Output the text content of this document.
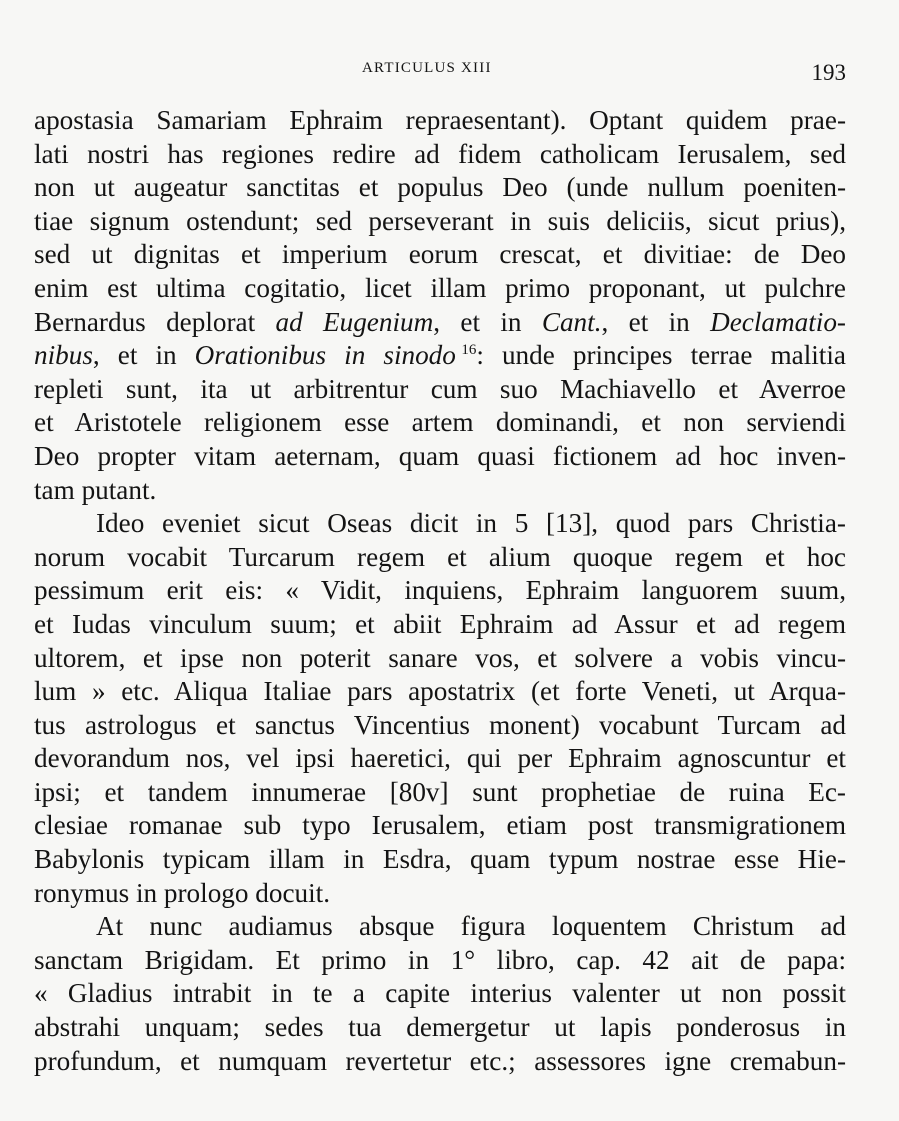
ARTICULUS XIII	193
apostasia Samariam Ephraim repraesentant). Optant quidem prae-
lati nostri has regiones redire ad fidem catholicam Ierusalem, sed
non ut augeatur sanctitas et populus Deo (unde nullum poeniten-
tiae signum ostendunt; sed perseverant in suis deliciis, sicut prius),
sed ut dignitas et imperium eorum crescat, et divitiae: de Deo
enim est ultima cogitatio, licet illam primo proponant, ut pulchre
Bernardus deplorat ad Eugenium, et in Cant., et in Declamatio-
nibus, et in Orationibus in sinodo  $^{16}$: unde principes terrae malitia
repleti sunt, ita ut arbitrentur cum suo Machiavello et Averroe
et Aristotele religionem esse artem dominandi, et non serviendi
Deo propter vitam aeternam, quam quasi fictionem ad hoc inven-
tam putant.
Ideo eveniet sicut Oseas dicit in 5 [13], quod pars Christia-
norum vocabit Turcarum regem et alium quoque regem et hoc
pessimum erit eis: « Vidit, inquiens, Ephraim languorem suum,
et Iudas vinculum suum; et abiit Ephraim ad Assur et ad regem
ultorem, et ipse non poterit sanare vos, et solvere a vobis vincu-
lum » etc. Aliqua Italiae pars apostatrix (et forte Veneti, ut Arqua-
tus astrologus et sanctus Vincentius monent) vocabunt Turcam ad
devorandum nos, vel ipsi haeretici, qui per Ephraim agnoscuntur et
ipsi; et tandem innumerae [80v] sunt prophetiae de ruina Ec-
clesiae romanae sub typo Ierusalem, etiam post transmigrationem
Babylonis typicam illam in Esdra, quam typum nostrae esse Hie-
ronymus in prologo docuit.
At nunc audiamus absque figura loquentem Christum ad
sanctam Brigidam. Et primo in 1° libro, cap. 42 ait de papa:
« Gladius intrabit in te a capite interius valenter ut non possit
abstrahi unquam; sedes tua demergetur ut lapis ponderosus in
profundum, et numquam revertetur etc.; assessores igne cremabun-
